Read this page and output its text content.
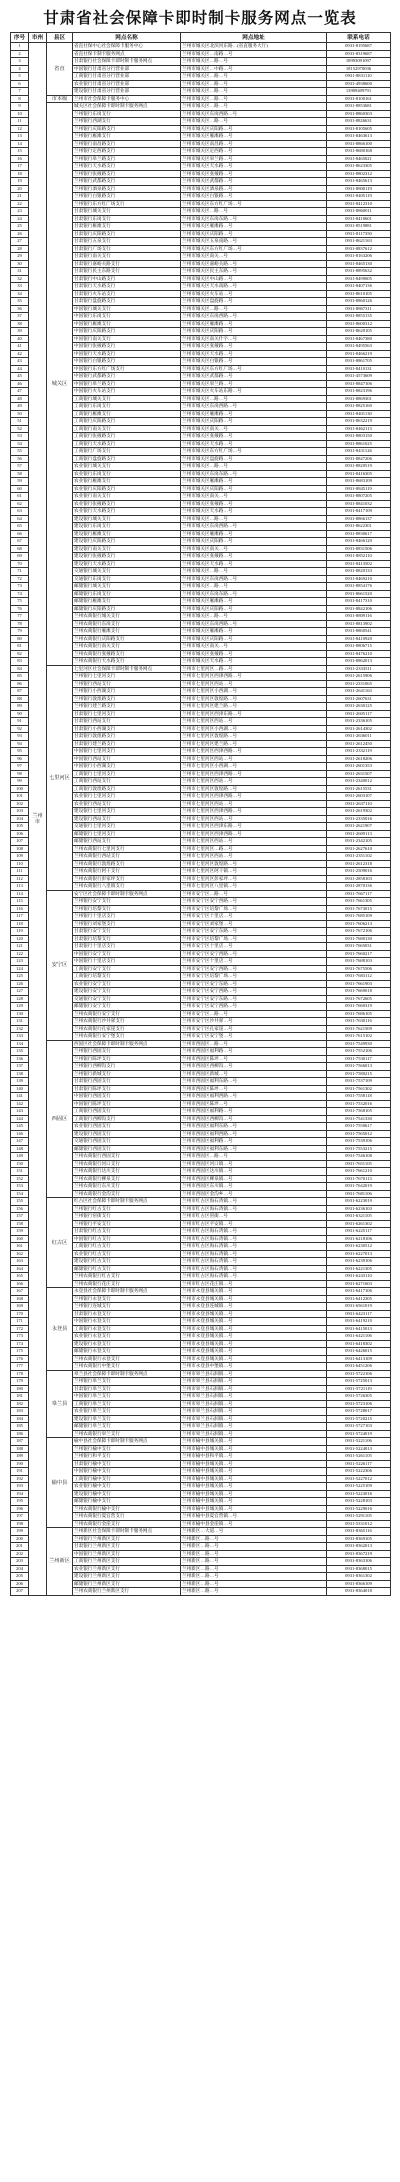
甘肃省社会保障卡即时制卡服务网点一览表
序号	市州	县区	网点名称	网点地址	联系电话
1	兰州市	省直	省直社保中心社会保障卡服务中心	兰州市城关区北滨河东路…(省直服务大厅)	0931-8195687
2			省直社保卡制卡服务网点	兰州市城关区…南路…号	0931-8319687
3			甘肃银行社会保障卡即时制卡服务网点	兰州市城关区…路…号	18993091097
4			中国银行甘肃省分行营业部	兰州市城关区…中路…号	18152970036
5			工商银行甘肃省分行营业部	兰州市城关区…路…号	0931-8831110
6			农业银行甘肃省分行营业部	兰州市城关区…路…号	0931-4938600
7			建设银行甘肃省分行营业部	兰州市城关区…路…号	13909409791
8		市本级	兰州市社会保障卡服务中心	兰州市城关区…路…号	0931-8100161
9		城关区	城关区社会保障卡即时制卡服务网点	兰州市城关区…路…号	0931-8853681
10			兰州银行东岗支行	兰州市城关区东岗西路…号	0931-8860303
11			兰州银行西湖支行	兰州市城关区…路…号	0931-8826631
12			兰州银行庆阳路支行	兰州市城关区庆阳路…号	0931-8105605
13			兰州银行雁滩支行	兰州市城关区雁滩路…号	0931-8463613
14			兰州银行南昌路支行	兰州市城关区南昌路…号	0931-8866100
15			兰州银行定西路支行	兰州市城关区定西路…号	0931-8680168
16			兰州银行皋兰路支行	兰州市城关区皋兰路…号	0931-8465021
17			兰州银行天水路支行	兰州市城关区天水路…号	0931-8623305
18			兰州银行张掖路支行	兰州市城关区张掖路…号	0931-8802312
19			兰州银行武都路支行	兰州市城关区武都路…号	0931-8465613
20			兰州银行酒泉路支行	兰州市城关区酒泉路…号	0931-8800119
21			兰州银行白银路支行	兰州市城关区白银路…号	0931-8405119
22			兰州银行东方红广场支行	兰州市城关区东方红广场…号	0931-8412310
23			甘肃银行城关支行	兰州市城关区…路…号	0931-8860011
24			甘肃银行东岗支行	兰州市城关区东岗东路…号	0931-8410601
25			甘肃银行雁滩支行	兰州市城关区雁滩路…号	0931-8519881
26			甘肃银行庆阳路支行	兰州市城关区庆阳路…号	0931-8117350
27			甘肃银行五泉支行	兰州市城关区五泉南路…号	0931-8621163
28			甘肃银行广场支行	兰州市城关区东方红广场…号	0931-8837612
29			甘肃银行南关支行	兰州市城关区南关…号	0931-8163206
30			甘肃银行嘉峪关路支行	兰州市城关区嘉峪关路…号	0931-8465130
31			甘肃银行民主东路支行	兰州市城关区民主东路…号	0931-8895632
32			甘肃银行中山路支行	兰州市城关区中山路…号	0931-8499005
33			甘肃银行天水路支行	兰州市城关区天水南路…号	0931-8407136
34			甘肃银行火车站支行	兰州市城关区火车站…号	0931-8610105
35			甘肃银行盘旋路支行	兰州市城关区盘旋路…号	0931-8860126
36			中国银行城关支行	兰州市城关区…路…号	0931-8867311
37			中国银行东岗支行	兰州市城关区东岗西路…号	0931-8855135
38			中国银行雁滩支行	兰州市城关区雁滩路…号	0931-8600312
39			中国银行庆阳路支行	兰州市城关区庆阳路…号	0931-8620105
40			中国银行南关支行	兰州市城关区南关什字…号	0931-8467380
41			中国银行张掖路支行	兰州市城关区张掖路…号	0931-8495563
42			中国银行天水路支行	兰州市城关区天水路…号	0931-8466219
43			中国银行白银路支行	兰州市城关区白银路…号	0931-8861705
44			中国银行东方红广场支行	兰州市城关区东方红广场…号	0931-8410131
45			中国银行武都路支行	兰州市城关区武都路…号	0931-4573609
46			中国银行皋兰路支行	兰州市城关区皋兰路…号	0931-8847106
47			中国银行火车站支行	兰州市城关区火车站东路…号	0931-8823196
48			工商银行城关支行	兰州市城关区…路…号	0931-8869301
49			工商银行东岗支行	兰州市城关区东岗西路…号	0931-8825160
50			工商银行雁滩支行	兰州市城关区雁滩路…号	0931-8401130
51			工商银行庆阳路支行	兰州市城关区庆阳路…号	0931-8632219
52			工商银行南关支行	兰州市城关区南关…号	0931-8462113
53			工商银行张掖路支行	兰州市城关区张掖路…号	0931-8803150
54			工商银行天水路支行	兰州市城关区天水路…号	0931-8861025
55			工商银行广场支行	兰州市城关区东方红广场…号	0931-8431126
56			工商银行盘旋路支行	兰州市城关区盘旋路…号	0931-8847206
57			农业银行城关支行	兰州市城关区…路…号	0931-8820519
58			农业银行东岗支行	兰州市城关区东岗东路…号	0931-8416305
59			农业银行雁滩支行	兰州市城关区雁滩路…号	0931-8683109
60			农业银行庆阳路支行	兰州市城关区庆阳路…号	0931-8845119
61			农业银行南关支行	兰州市城关区南关…号	0931-8807205
62			农业银行张掖路支行	兰州市城关区张掖路…号	0931-8841032
63			农业银行天水路支行	兰州市城关区天水路…号	0931-8417109
64			建设银行城关支行	兰州市城关区…路…号	0931-8866137
65			建设银行东岗支行	兰州市城关区东岗西路…号	0931-8622301
66			建设银行雁滩支行	兰州市城关区雁滩路…号	0931-8830617
67			建设银行庆阳路支行	兰州市城关区庆阳路…号	0931-8466120
68			建设银行南关支行	兰州市城关区南关…号	0931-8831506
69			建设银行张掖路支行	兰州市城关区张掖路…号	0931-8852110
70			建设银行天水路支行	兰州市城关区天水路…号	0931-8413502
71			交通银行城关支行	兰州市城关区…路…号	0931-8820133
72			交通银行东岗支行	兰州市城关区东岗西路…号	0931-8469210
73			邮储银行城关支行	兰州市城关区…路…号	0931-8854176
74			邮储银行东岗支行	兰州市城关区东岗东路…号	0931-8661520
75			邮储银行雁滩支行	兰州市城关区雁滩路…号	0931-8417310
76			邮储银行庆阳路支行	兰州市城关区庆阳路…号	0931-8842106
77			兰州农商银行城关支行	兰州市城关区…路…号	0931-8809116
78			兰州农商银行东岗支行	兰州市城关区东岗西路…号	0931-8813902
79			兰州农商银行雁滩支行	兰州市城关区雁滩路…号	0931-8860541
80			兰州农商银行庆阳路支行	兰州市城关区庆阳路…号	0931-8410920
81			兰州农商银行南关支行	兰州市城关区南关…号	0931-8806715
82			兰州农商银行张掖路支行	兰州市城关区张掖路…号	0931-8476210
83			兰州农商银行天水路支行	兰州市城关区天水路…号	0931-8862013
84		七里河区	七里河区社会保障卡即时制卡服务网点	兰州市七里河区…路…号	0931-2333511
85			兰州银行七里河支行	兰州市七里河区西津西路…号	0931-2615906
86			兰州银行西站支行	兰州市七里河区西站…号	0931-2331065
87			兰州银行小西湖支行	兰州市七里河区小西湖…号	0931-2641163
88			兰州银行敦煌路支行	兰州市七里河区敦煌路…号	0931-2607631
89			兰州银行建兰路支行	兰州市七里河区建兰路…号	0931-2630125
90			甘肃银行七里河支行	兰州市七里河区西津东路…号	0931-2605117
91			甘肃银行西站支行	兰州市七里河区西站…号	0931-2336105
92			甘肃银行小西湖支行	兰州市七里河区小西湖…号	0931-2614302
93			甘肃银行敦煌路支行	兰州市七里河区敦煌路…号	0931-2636011
94			甘肃银行建兰路支行	兰州市七里河区建兰路…号	0931-2612450
95			中国银行七里河支行	兰州市七里河区西津西路…号	0931-2332119
96			中国银行西站支行	兰州市七里河区西站…号	0931-2618206
97			中国银行小西湖支行	兰州市七里河区小西湖…号	0931-2601353
98			工商银行七里河支行	兰州市七里河区西津西路…号	0931-2631507
99			工商银行西站支行	兰州市七里河区西站…号	0931-2340012
100			工商银行敦煌路支行	兰州市七里河区敦煌路…号	0931-2615531
101			农业银行七里河支行	兰州市七里河区西津西路…号	0931-2603107
102			农业银行西站支行	兰州市七里河区西站…号	0931-2637110
103			建设银行七里河支行	兰州市七里河区西津西路…号	0931-2619302
104			建设银行西站支行	兰州市七里河区西站…号	0931-2335016
105			交通银行七里河支行	兰州市七里河区西津东路…号	0931-2621907
106			邮储银行七里河支行	兰州市七里河区西津西路…号	0931-2609113
107			邮储银行西站支行	兰州市七里河区西站…号	0931-2342105
108			兰州农商银行七里河支行	兰州市七里河区…路…号	0931-2627610
109			兰州农商银行西站支行	兰州市七里河区西站…号	0931-2351102
110			兰州农商银行敦煌路支行	兰州市七里河区敦煌路…号	0931-2612318
111			兰州农商银行阿干支行	兰州市七里河区阿干镇…号	0931-2509016
112			兰州农商银行彭家坪支行	兰州市七里河区彭家坪…号	0931-2858103
113			兰州农商银行八里镇支行	兰州市七里河区八里镇…号	0931-2870136
114		安宁区	安宁区社会保障卡即时制卡服务网点	兰州市安宁区…路…号	0931-7667117
115			兰州银行安宁支行	兰州市安宁区安宁西路…号	0931-7661305
116			兰州银行培黎支行	兰州市安宁区培黎广场…号	0931-7673015
117			兰州银行十里店支行	兰州市安宁区十里店…号	0931-7685109
118			兰州银行刘家堡支行	兰州市安宁区刘家堡…号	0931-7606213
119			甘肃银行安宁支行	兰州市安宁区安宁东路…号	0931-7672106
120			甘肃银行培黎支行	兰州市安宁区培黎广场…号	0931-7680130
121			甘肃银行十里店支行	兰州市安宁区十里店…号	0931-7665031
122			中国银行安宁支行	兰州市安宁区安宁西路…号	0931-7660217
123			中国银行十里店支行	兰州市安宁区十里店…号	0931-7688103
124			工商银行安宁支行	兰州市安宁区安宁西路…号	0931-7675506
125			工商银行培黎支行	兰州市安宁区培黎广场…号	0931-7683112
126			农业银行安宁支行	兰州市安宁区安宁东路…号	0931-7661903
127			建设银行安宁支行	兰州市安宁区安宁西路…号	0931-7669018
128			交通银行安宁支行	兰州市安宁区安宁东路…号	0931-7672605
129			邮储银行安宁支行	兰州市安宁区安宁西路…号	0931-7660319
130			兰州农商银行安宁支行	兰州市安宁区…路…号	0931-7686105
131			兰州农商银行沙井驿支行	兰州市安宁区沙井驿…号	0931-7630116
132			兰州农商银行孔家崖支行	兰州市安宁区孔家崖…号	0931-7621509
133			兰州农商银行安宁堡支行	兰州市安宁区安宁堡…号	0931-7615102
134		西固区	西固区社会保障卡即时制卡服务网点	兰州市西固区…路…号	0931-7549930
135			兰州银行西固支行	兰州市西固区福利路…号	0931-7552106
136			兰州银行陈坪支行	兰州市西固区陈坪…号	0931-7530117
137			兰州银行西柳沟支行	兰州市西固区西柳沟…号	0931-7566013
138			兰州银行新城支行	兰州市西固区新城…号	0931-7580215
139			甘肃银行西固支行	兰州市西固区福利东路…号	0931-7537109
140			甘肃银行陈坪支行	兰州市西固区陈坪…号	0931-7561302
141			中国银行西固支行	兰州市西固区福利西路…号	0931-7558118
142			中国银行陈坪支行	兰州市西固区陈坪…号	0931-7532016
143			工商银行西固支行	兰州市西固区福利路…号	0931-7568105
144			工商银行西柳沟支行	兰州市西固区西柳沟…号	0931-7541330
145			农业银行西固支行	兰州市西固区福利东路…号	0931-7550617
146			建设银行西固支行	兰州市西固区福利西路…号	0931-7565012
147			交通银行西固支行	兰州市西固区福利路…号	0931-7539106
148			邮储银行西固支行	兰州市西固区福利东路…号	0931-7553215
149			兰州农商银行西固支行	兰州市西固区…路…号	0931-7546108
150			兰州农商银行河口支行	兰州市西固区河口镇…号	0931-7651105
151			兰州农商银行达川支行	兰州市西固区达川镇…号	0931-7661210
152			兰州农商银行柳泉支行	兰州市西固区柳泉镇…号	0931-7670113
153			兰州农商银行东川支行	兰州市西固区东川镇…号	0931-7642019
154			兰州农商银行金沟支行	兰州市西固区金沟乡…号	0931-7681106
155		红古区	红古区社会保障卡即时制卡服务网点	兰州市红古区海石湾镇…号	0931-6223019
156			兰州银行红古支行	兰州市红古区海石湾镇…号	0931-6236103
157			兰州银行窑街支行	兰州市红古区窑街…号	0931-6321105
158			兰州银行平安支行	兰州市红古区平安镇…号	0931-6261302
159			甘肃银行红古支行	兰州市红古区海石湾镇…号	0931-6225117
160			中国银行红古支行	兰州市红古区海石湾镇…号	0931-6218106
161			工商银行红古支行	兰州市红古区海石湾镇…号	0931-6230512
162			农业银行红古支行	兰州市红古区海石湾镇…号	0931-6227013
163			建设银行红古支行	兰州市红古区海石湾镇…号	0931-6239106
164			邮储银行红古支行	兰州市红古区海石湾镇…号	0931-6221305
165			兰州农商银行红古支行	兰州市红古区海石湾镇…号	0931-6243110
166			兰州农商银行花庄支行	兰州市红古区花庄镇…号	0931-6271603
167		永登县	永登县社会保障卡即时制卡服务网点	兰州市永登县城关镇…号	0931-6417106
168			兰州银行永登支行	兰州市永登县城关镇…号	0931-6412305
169			兰州银行连城支行	兰州市永登县连城镇…号	0931-6561019
170			甘肃银行永登支行	兰州市永登县城关镇…号	0931-6423117
171			中国银行永登支行	兰州市永登县城关镇…号	0931-6419210
172			工商银行永登支行	兰州市永登县城关镇…号	0931-6415013
173			农业银行永登支行	兰州市永登县城关镇…号	0931-6421106
174			建设银行永登支行	兰州市永登县城关镇…号	0931-6418302
175			邮储银行永登支行	兰州市永登县城关镇…号	0931-6426015
176			兰州农商银行永登支行	兰州市永登县城关镇…号	0931-6413109
177			兰州农商银行中堡支行	兰州市永登县中堡镇…号	0931-6451206
178		皋兰县	皋兰县社会保障卡即时制卡服务网点	兰州市皋兰县石洞镇…号	0931-5722106
179			兰州银行皋兰支行	兰州市皋兰县石洞镇…号	0931-5725013
180			甘肃银行皋兰支行	兰州市皋兰县石洞镇…号	0931-5721119
181			中国银行皋兰支行	兰州市皋兰县石洞镇…号	0931-5726305
182			工商银行皋兰支行	兰州市皋兰县石洞镇…号	0931-5723106
183			农业银行皋兰支行	兰州市皋兰县石洞镇…号	0931-5728017
184			建设银行皋兰支行	兰州市皋兰县石洞镇…号	0931-5720215
185			邮储银行皋兰支行	兰州市皋兰县石洞镇…号	0931-5727103
186			兰州农商银行皋兰支行	兰州市皋兰县石洞镇…号	0931-5724019
187		榆中县	榆中县社会保障卡即时制卡服务网点	兰州市榆中县城关镇…号	0931-5221106
188			兰州银行榆中支行	兰州市榆中县城关镇…号	0931-5224013
189			兰州银行和平支行	兰州市榆中县和平镇…号	0931-5261105
190			甘肃银行榆中支行	兰州市榆中县城关镇…号	0931-5226117
191			中国银行榆中支行	兰州市榆中县城关镇…号	0931-5222306
192			工商银行榆中支行	兰州市榆中县城关镇…号	0931-5227012
193			农业银行榆中支行	兰州市榆中县城关镇…号	0931-5225109
194			建设银行榆中支行	兰州市榆中县城关镇…号	0931-5223016
195			邮储银行榆中支行	兰州市榆中县城关镇…号	0931-5228103
196			兰州农商银行榆中支行	兰州市榆中县城关镇…号	0931-5229016
197			兰州农商银行夏官营支行	兰州市榆中县夏官营镇…号	0931-5291105
198			兰州农商银行金崖支行	兰州市榆中县金崖镇…号	0931-5331012
199		兰州新区	兰州新区社会保障卡即时制卡服务网点	兰州新区…大道…号	0931-8365116
200			兰州银行兰州新区支行	兰州新区…路…号	0931-8369105
201			甘肃银行兰州新区支行	兰州新区…路…号	0931-8362013
202			中国银行兰州新区支行	兰州新区…路…号	0931-8367219
203			工商银行兰州新区支行	兰州新区…路…号	0931-8363106
204			农业银行兰州新区支行	兰州新区…路…号	0931-8368015
205			建设银行兰州新区支行	兰州新区…路…号	0931-8361302
206			邮储银行兰州新区支行	兰州新区…路…号	0931-8366109
207			兰州农商银行兰州新区支行	兰州新区…路…号	0931-8364018
